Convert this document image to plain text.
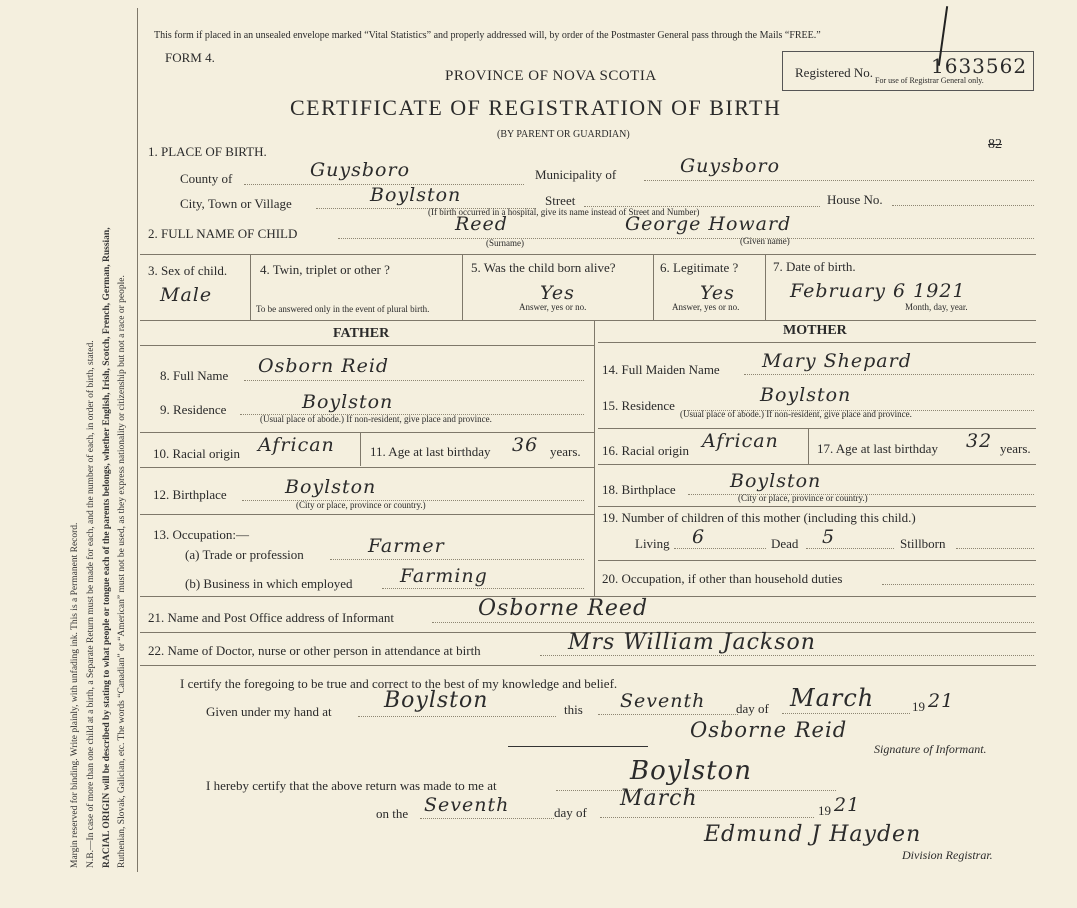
Margin reserved for binding. Write plainly, with unfading ink. This is a Permanent Record. N.B.—In case of more than one child at a birth, a Separate Return must be made for each, and the number of each, in order of birth, stated. RACIAL ORIGIN will be described by stating to what people or tongue each of the parents belongs, whether English, Irish, Scotch, French, German, Russian, Ruthenian, Slovak, Galician, etc. The words “Canadian” or “American” must not be used, as they express nationality or citizenship but not a race or people.
This form if placed in an unsealed envelope marked “Vital Statistics” and properly addressed will, by order of the Postmaster General pass through the Mails “FREE.”
FORM 4.
Registered No.
For use of Registrar General only.
1633562
PROVINCE OF NOVA SCOTIA
CERTIFICATE OF REGISTRATION OF BIRTH
(BY PARENT OR GUARDIAN)
82
1. PLACE OF BIRTH.
County of	Guysboro	Municipality of	Guysboro
City, Town or Village	Boylston	Street	House No.
(If birth occurred in a hospital, give its name instead of Street and Number)
2. FULL NAME OF CHILD	Reed	George Howard
(Surname)	(Given name)
3. Sex of child.
Male
4. Twin, triplet or other ?
To be answered only in the event of plural birth.
5. Was the child born alive?
Yes
Answer, yes or no.
6. Legitimate ?
Yes
Answer, yes or no.
7. Date of birth.
February 6 1921
Month, day, year.
FATHER	MOTHER
8. Full Name Osborn Reid
9. Residence	Boylston
(Usual place of abode.) If non-resident, give place and province.
10. Racial origin African	11. Age at last birthday 36 years.
12. Birthplace	Boylston
(City or place, province or country.)
13. Occupation:—
(a) Trade or profession	Farmer
(b) Business in which employed Farming
14. Full Maiden Name Mary Shepard
15. Residence	Boylston
(Usual place of abode.) If non-resident, give place and province.
16. Racial origin African	17. Age at last birthday 32 years.
18. Birthplace	Boylston
(City or place, province or country.)
19. Number of children of this mother (including this child.)
Living 6	Dead 5	Stillborn
20. Occupation, if other than household duties
21. Name and Post Office address of Informant	Osborne Reed
22. Name of Doctor, nurse or other person in attendance at birth	Mrs William Jackson
I certify the foregoing to be true and correct to the best of my knowledge and belief.
Given under my hand at Boylston	this Seventh day of March	19 21
Osborne Reid
Signature of Informant.
I hereby certify that the above return was made to me at	Boylston
on the Seventh	day of
March	19 21
Edmund J Hayden
Division Registrar.
